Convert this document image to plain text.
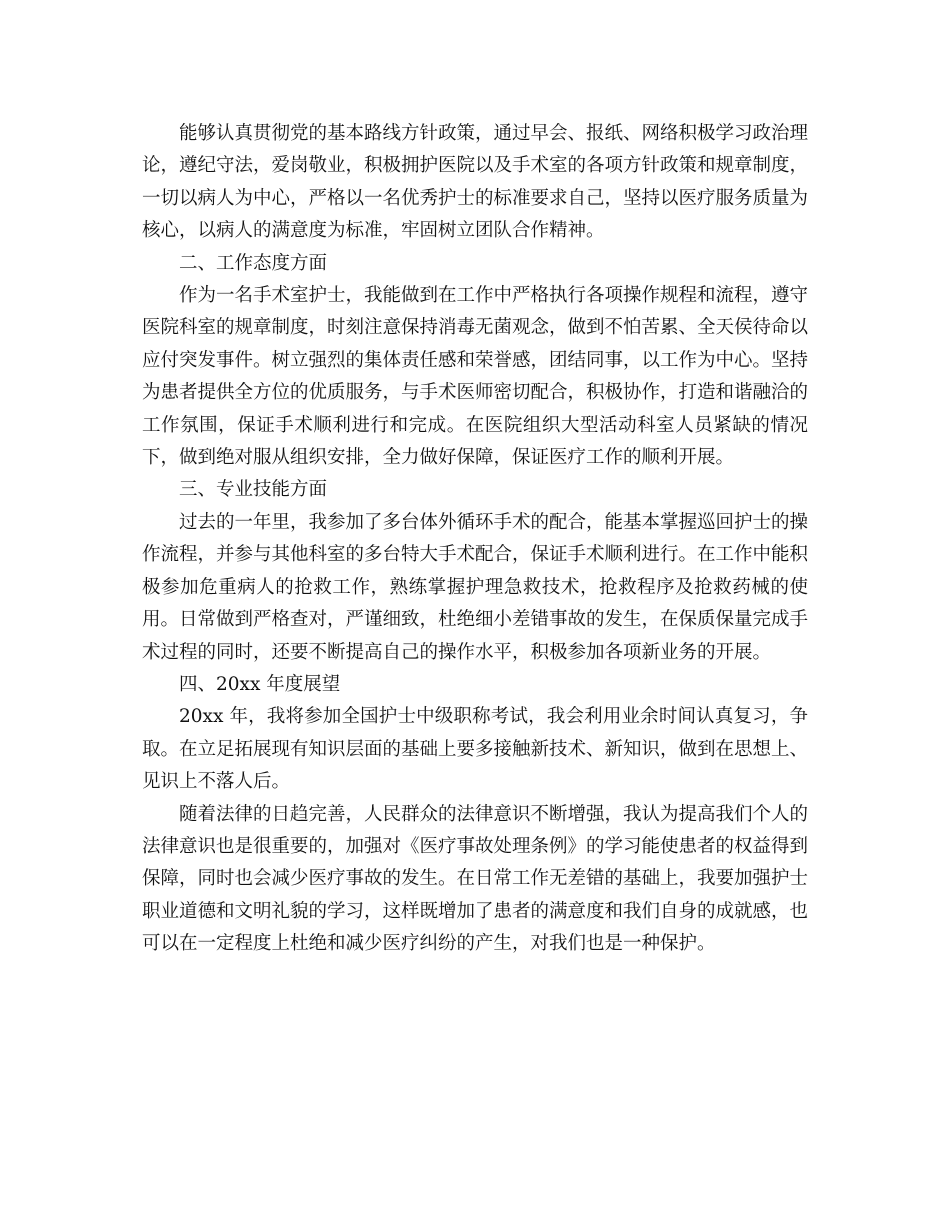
能够认真贯彻党的基本路线方针政策，通过早会、报纸、网络积极学习政治理论，遵纪守法，爱岗敬业，积极拥护医院以及手术室的各项方针政策和规章制度，一切以病人为中心，严格以一名优秀护士的标准要求自己，坚持以医疗服务质量为核心，以病人的满意度为标准，牢固树立团队合作精神。

二、工作态度方面

作为一名手术室护士，我能做到在工作中严格执行各项操作规程和流程，遵守医院科室的规章制度，时刻注意保持消毒无菌观念，做到不怕苦累、全天侯待命以应付突发事件。树立强烈的集体责任感和荣誉感，团结同事，以工作为中心。坚持为患者提供全方位的优质服务，与手术医师密切配合，积极协作，打造和谐融洽的工作氛围，保证手术顺利进行和完成。在医院组织大型活动科室人员紧缺的情况下，做到绝对服从组织安排，全力做好保障，保证医疗工作的顺利开展。

三、专业技能方面

过去的一年里，我参加了多台体外循环手术的配合，能基本掌握巡回护士的操作流程，并参与其他科室的多台特大手术配合，保证手术顺利进行。在工作中能积极参加危重病人的抢救工作，熟练掌握护理急救技术，抢救程序及抢救药械的使用。日常做到严格查对，严谨细致，杜绝细小差错事故的发生，在保质保量完成手术过程的同时，还要不断提高自己的操作水平，积极参加各项新业务的开展。

四、20xx 年度展望

20xx 年，我将参加全国护士中级职称考试，我会利用业余时间认真复习，争取。在立足拓展现有知识层面的基础上要多接触新技术、新知识，做到在思想上、见识上不落人后。

随着法律的日趋完善，人民群众的法律意识不断增强，我认为提高我们个人的法律意识也是很重要的，加强对《医疗事故处理条例》的学习能使患者的权益得到保障，同时也会减少医疗事故的发生。在日常工作无差错的基础上，我要加强护士职业道德和文明礼貌的学习，这样既增加了患者的满意度和我们自身的成就感，也可以在一定程度上杜绝和减少医疗纠纷的产生，对我们也是一种保护。
